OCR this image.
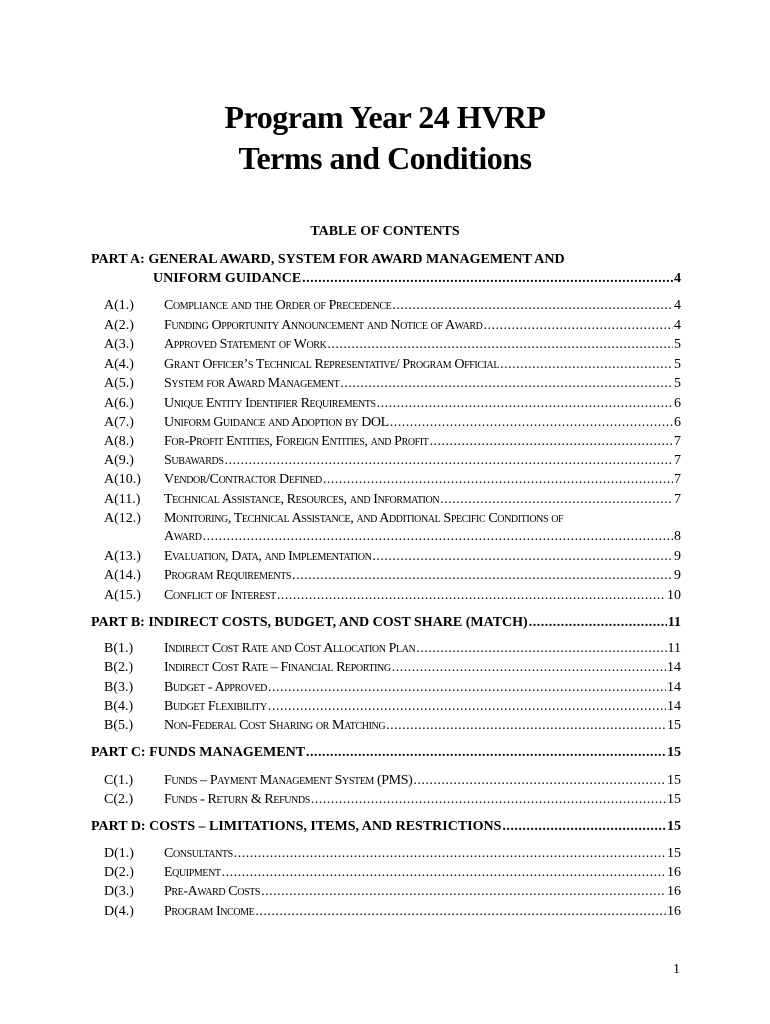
Program Year 24 HVRP
Terms and Conditions
TABLE OF CONTENTS
PART A: GENERAL AWARD, SYSTEM FOR AWARD MANAGEMENT AND
UNIFORM GUIDANCE .....	4
A(1.)	Compliance and the Order of Precedence .....	4
A(2.)	Funding Opportunity Announcement and Notice of Award .....	4
A(3.)	Approved Statement of Work .....	5
A(4.)	Grant Officer’s Technical Representative/ Program Official .....	5
A(5.)	System for Award Management .....	5
A(6.)	Unique Entity Identifier Requirements .....	6
A(7.)	Uniform Guidance and Adoption by DOL .....	6
A(8.)	For-Profit Entities, Foreign Entities, and Profit .....	7
A(9.)	Subawards .....	7
A(10.)	Vendor/Contractor Defined .....	7
A(11.)	Technical Assistance, Resources, and Information .....	7
A(12.)	Monitoring, Technical Assistance, and Additional Specific Conditions of
Award .....	8
A(13.)	Evaluation, Data, and Implementation .....	9
A(14.)	Program Requirements .....	9
A(15.)	Conflict of Interest .....	10
PART B: INDIRECT COSTS, BUDGET, AND COST SHARE (MATCH) .....	11
B(1.)	Indirect Cost Rate and Cost Allocation Plan .....	11
B(2.)	Indirect Cost Rate – Financial Reporting .....	14
B(3.)	Budget - Approved .....	14
B(4.)	Budget Flexibility .....	14
B(5.)	Non-Federal Cost Sharing or Matching .....	15
PART C: FUNDS MANAGEMENT .....	15
C(1.)	Funds – Payment Management System (PMS) .....	15
C(2.)	Funds - Return & Refunds .....	15
PART D: COSTS – LIMITATIONS, ITEMS, AND RESTRICTIONS .....	15
D(1.)	Consultants .....	15
D(2.)	Equipment .....	16
D(3.)	Pre-Award Costs .....	16
D(4.)	Program Income .....	16
1
